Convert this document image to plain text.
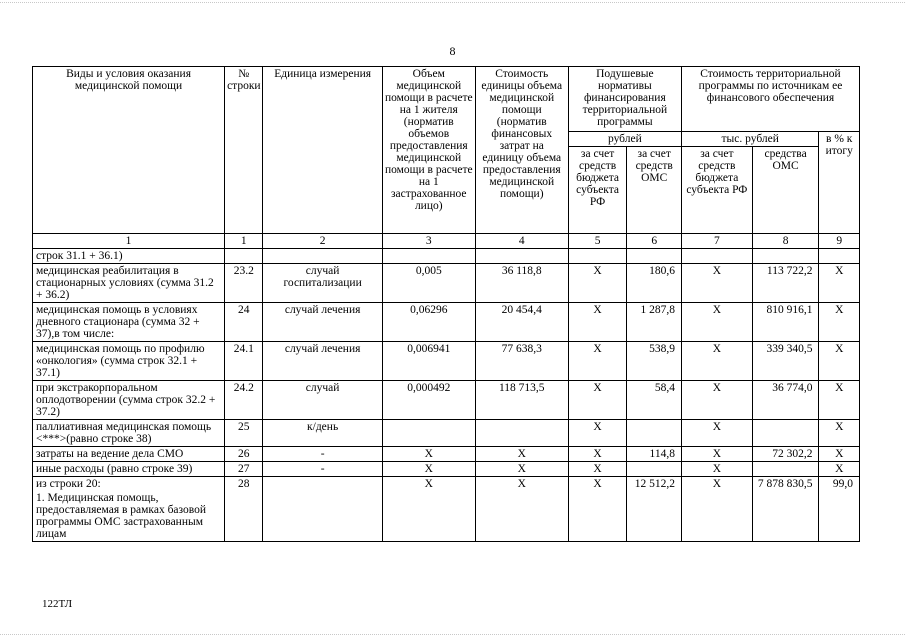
8
Виды и условия оказания медицинской помощи	№ строки	Единица измерения	Объем медицинской помощи в расчете на 1 жителя (норматив объемов предоставления медицинской помощи в расчете на 1 застрахованное лицо)	Стоимость единицы объема медицинской помощи (норматив финансовых затрат на единицу объема предоставления медицинской помощи)	Подушевые нормативы финансирования территориальной программы		Стоимость территориальной программы по источникам ее финансового обеспечения		
					рублей		тыс. рублей		в % к итогу
					за счет средств бюджета субъекта РФ	за счет средств ОМС	за счет средств бюджета субъекта РФ	средства ОМС	
1	1	2	3	4	5	6	7	8	9
строк 31.1 + 36.1)									
медицинская реабилитация в стационарных условиях (сумма 31.2 + 36.2)	23.2	случай госпитализации	0,005	36 118,8	Х	180,6	Х	113 722,2	Х
медицинская помощь в условиях дневного стационара (сумма 32 + 37),в том числе:	24	случай лечения	0,06296	20 454,4	Х	1 287,8	Х	810 916,1	Х
медицинская помощь по профилю «онкология» (сумма строк 32.1 + 37.1)	24.1	случай лечения	0,006941	77 638,3	Х	538,9	Х	339 340,5	Х
при экстракорпоральном оплодотворении (сумма строк 32.2 + 37.2)	24.2	случай	0,000492	118 713,5	Х	58,4	Х	36 774,0	Х
паллиативная медицинская помощь <***>(равно строке 38)	25	к/день			Х		Х		Х
затраты на ведение дела СМО	26	-	Х	Х	Х	114,8	Х	72 302,2	Х
иные расходы (равно строке 39)	27	-	Х	Х	Х		Х		Х

из строки 20:
1. Медицинская помощь, предоставляемая в рамках базовой программы ОМС застрахованным лицам	28		Х	Х	Х	12 512,2	Х	7 878 830,5	99,0
122ТЛ
